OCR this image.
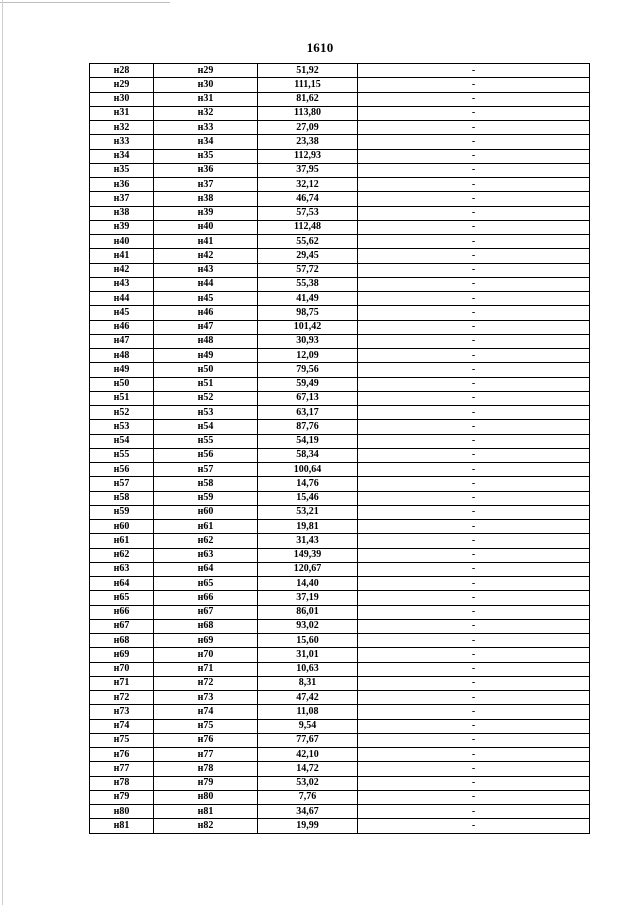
1610
н28	н29	51,92	-
н29	н30	111,15	-
н30	н31	81,62	-
н31	н32	113,80	-
н32	н33	27,09	-
н33	н34	23,38	-
н34	н35	112,93	-
н35	н36	37,95	-
н36	н37	32,12	-
н37	н38	46,74	-
н38	н39	57,53	-
н39	н40	112,48	-
н40	н41	55,62	-
н41	н42	29,45	-
н42	н43	57,72	-
н43	н44	55,38	-
н44	н45	41,49	-
н45	н46	98,75	-
н46	н47	101,42	-
н47	н48	30,93	-
н48	н49	12,09	-
н49	н50	79,56	-
н50	н51	59,49	-
н51	н52	67,13	-
н52	н53	63,17	-
н53	н54	87,76	-
н54	н55	54,19	-
н55	н56	58,34	-
н56	н57	100,64	-
н57	н58	14,76	-
н58	н59	15,46	-
н59	н60	53,21	-
н60	н61	19,81	-
н61	н62	31,43	-
н62	н63	149,39	-
н63	н64	120,67	-
н64	н65	14,40	-
н65	н66	37,19	-
н66	н67	86,01	-
н67	н68	93,02	-
н68	н69	15,60	-
н69	н70	31,01	-
н70	н71	10,63	-
н71	н72	8,31	-
н72	н73	47,42	-
н73	н74	11,08	-
н74	н75	9,54	-
н75	н76	77,67	-
н76	н77	42,10	-
н77	н78	14,72	-
н78	н79	53,02	-
н79	н80	7,76	-
н80	н81	34,67	-
н81	н82	19,99	-
